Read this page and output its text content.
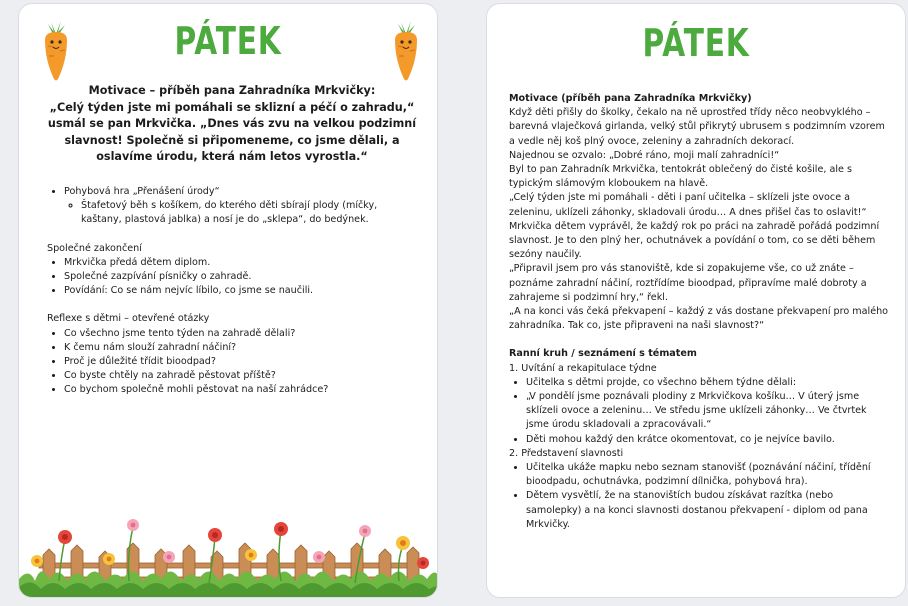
PÁTEK

Motivace – příběh pana Zahradníka Mrkvičky:

„Celý týden jste mi pomáhali se sklizní a péčí o zahradu,“ usmál se pan Mrkvička. „Dnes vás zvu na velkou podzimní slavnost! Společně si připomeneme, co jsme dělali, a oslavíme úrodu, která nám letos vyrostla.“

• Pohybová hra „Přenášení úrody“
◦ Štafetový běh s košíkem, do kterého děti sbírají plody (míčky, kaštany, plastová jablka) a nosí je do „sklepa“, do bedýnek.

Společné zakončení

• Mrkvička předá dětem diplom.
• Společné zazpívání písničky o zahradě.
• Povídání: Co se nám nejvíc líbilo, co jsme se naučili.

Reflexe s dětmi – otevřené otázky

• Co všechno jsme tento týden na zahradě dělali?
• K čemu nám slouží zahradní náčiní?
• Proč je důležité třídit bioodpad?
• Co byste chtěly na zahradě pěstovat příště?
• Co bychom společně mohli pěstovat na naší zahrádce?
PÁTEK

Motivace (příběh pana Zahradníka Mrkvičky)

Když děti přišly do školky, čekalo na ně uprostřed třídy něco neobvyklého – barevná vlaječková girlanda, velký stůl přikrytý ubrusem s podzimním vzorem a vedle něj koš plný ovoce, zeleniny a zahradních dekorací.

Najednou se ozvalo: „Dobré ráno, moji malí zahradníci!“

Byl to pan Zahradník Mrkvička, tentokrát oblečený do čisté košile, ale s typickým slámovým kloboukem na hlavě.

„Celý týden jste mi pomáhali - děti i paní učitelka – sklízeli jste ovoce a zeleninu, uklízeli záhonky, skladovali úrodu… A dnes přišel čas to oslavit!“ Mrkvička dětem vyprávěl, že každý rok po práci na zahradě pořádá podzimní slavnost. Je to den plný her, ochutnávek a povídání o tom, co se děti během sezóny naučily.

„Připravil jsem pro vás stanoviště, kde si zopakujeme vše, co už znáte – poznáme zahradní náčiní, roztřídíme bioodpad, připravíme malé dobroty a zahrajeme si podzimní hry,“ řekl.

„A na konci vás čeká překvapení – každý z vás dostane překvapení pro malého zahradníka. Tak co, jste připraveni na naši slavnost?“

Ranní kruh / seznámení s tématem

1. Uvítání a rekapitulace týdne

• Učitelka s dětmi projde, co všechno během týdne dělali:
• „V pondělí jsme poznávali plodiny z Mrkvičkova košíku… V úterý jsme sklízeli ovoce a zeleninu… Ve středu jsme uklízeli záhonky… Ve čtvrtek jsme úrodu skladovali a zpracovávali.“
• Děti mohou každý den krátce okomentovat, co je nejvíce bavilo.

2. Představení slavnosti

• Učitelka ukáže mapku nebo seznam stanovišť (poznávání náčiní, třídění bioodpadu, ochutnávka, podzimní dílnička, pohybová hra).
• Dětem vysvětlí, že na stanovištích budou získávat razítka (nebo samolepky) a na konci slavnosti dostanou překvapení - diplom od pana Mrkvičky.
